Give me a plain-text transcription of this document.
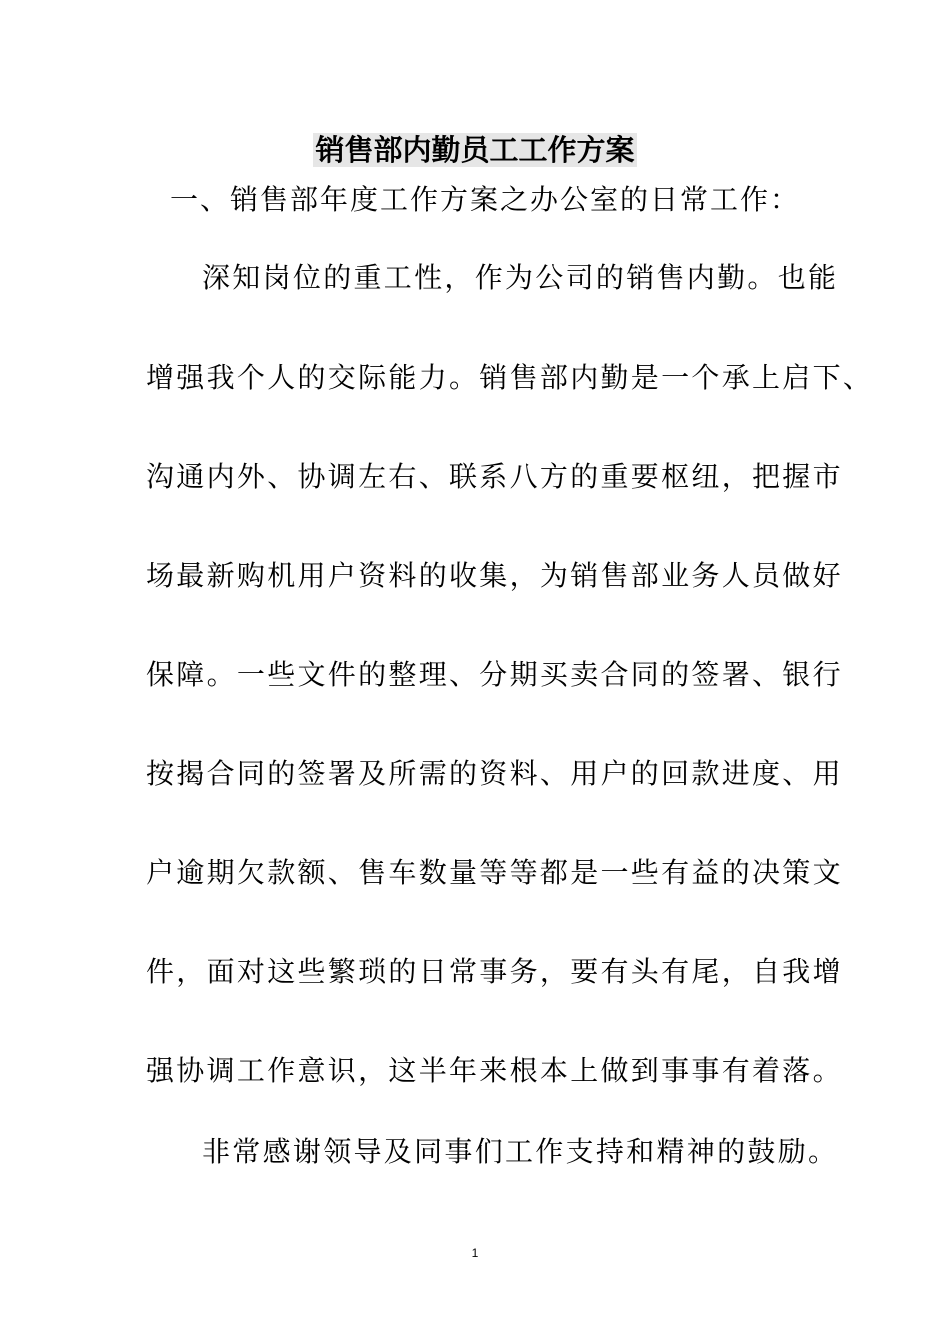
销售部内勤员工工作方案
一、销售部年度工作方案之办公室的日常工作：
深知岗位的重工性，作为公司的销售内勤。也能
增强我个人的交际能力。销售部内勤是一个承上启下、
沟通内外、协调左右、联系八方的重要枢纽，把握市
场最新购机用户资料的收集，为销售部业务人员做好
保障。一些文件的整理、分期买卖合同的签署、银行
按揭合同的签署及所需的资料、用户的回款进度、用
户逾期欠款额、售车数量等等都是一些有益的决策文
件，面对这些繁琐的日常事务，要有头有尾，自我增
强协调工作意识，这半年来根本上做到事事有着落。
非常感谢领导及同事们工作支持和精神的鼓励。
1
